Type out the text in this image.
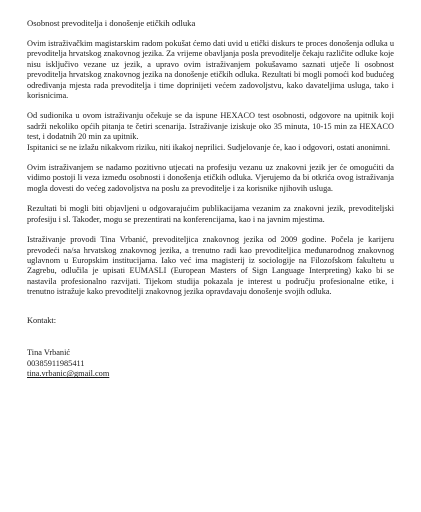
Osobnost prevoditelja i donošenje etičkih odluka

Ovim istraživačkim magistarskim radom pokušat ćemo dati uvid u etički diskurs te proces donošenja odluka u prevoditelja hrvatskog znakovnog jezika. Za vrijeme obavljanja posla prevoditelje čekaju različite odluke koje nisu isključivo vezane uz jezik, a upravo ovim istraživanjem pokušavamo saznati utječe li osobnost prevoditelja hrvatskog znakovnog jezika na donošenje etičkih odluka. Rezultati bi mogli pomoći kod budućeg određivanja mjesta rada prevoditelja i time doprinijeti većem zadovoljstvu, kako davateljima usluga, tako i korisnicima.

Od sudionika u ovom istraživanju očekuje se da ispune HEXACO test osobnosti, odgovore na upitnik koji sadrži nekoliko općih pitanja te četiri scenarija. Istraživanje iziskuje oko 35 minuta, 10-15 min za HEXACO test, i dodatnih 20 min za upitnik.

Ispitanici se ne izlažu nikakvom riziku, niti ikakoj neprilici. Sudjelovanje će, kao i odgovori, ostati anonimni.

Ovim istraživanjem se nadamo pozitivno utjecati na profesiju vezanu uz znakovni jezik jer će omogućiti da vidimo postoji li veza između osobnosti i donošenja etičkih odluka. Vjerujemo da bi otkrića ovog istraživanja mogla dovesti do većeg zadovoljstva na poslu za prevoditelje i za korisnike njihovih usluga.

Rezultati bi mogli biti objavljeni u odgovarajućim publikacijama vezanim za znakovni jezik, prevoditeljski profesiju i sl. Također, mogu se prezentirati na konferencijama, kao i na javnim mjestima.

Istraživanje provodi Tina Vrbanić, prevoditeljica znakovnog jezika od 2009 godine. Počela je karijeru prevodeći na/sa hrvatskog znakovnog jezika, a trenutno radi kao prevoditeljica međunarodnog znakovnog uglavnom u Europskim institucijama. Iako već ima magisterij iz sociologije na Filozofskom fakultetu u Zagrebu, odlučila je upisati EUMASLI (European Masters of Sign Language Interpreting) kako bi se nastavila profesionalno razvijati. Tijekom studija pokazala je interest u području profesionalne etike, i trenutno istražuje kako prevoditelji znakovnog jezika opravdavaju donošenje svojih odluka.

Kontakt:

Tina Vrbanić

00385911985411

tina.vrbanic@gmail.com
